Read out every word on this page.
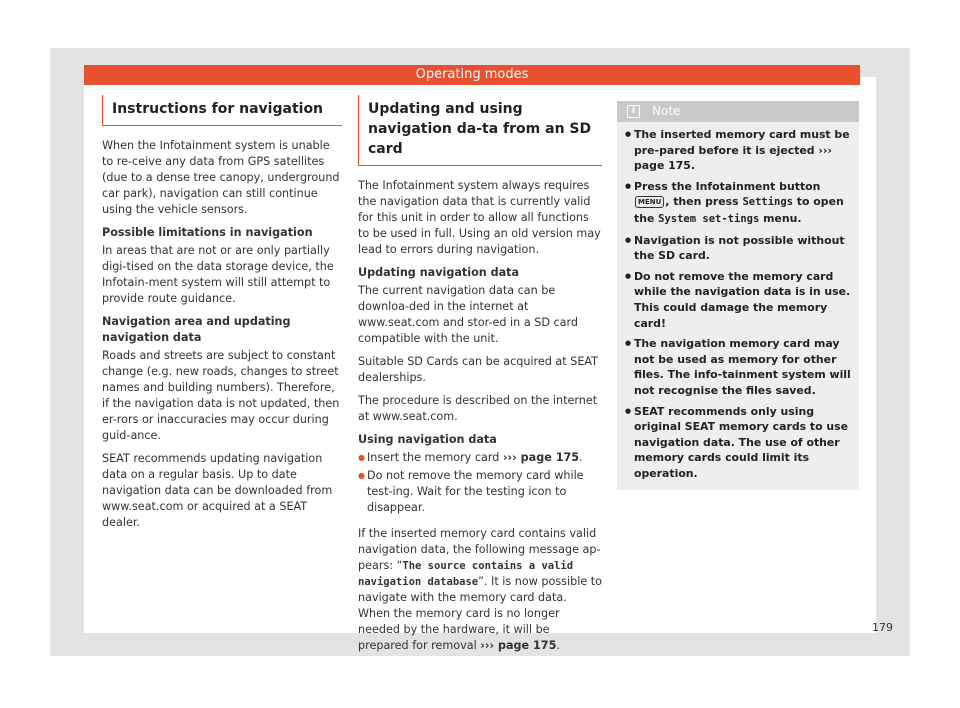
Operating modes
Instructions for navigation

When the Infotainment system is unable to re-ceive any data from GPS satellites (due to a dense tree canopy, underground car park), navigation can still continue using the vehicle sensors.

Possible limitations in navigation

In areas that are not or are only partially digi-tised on the data storage device, the Infotain-ment system will still attempt to provide route guidance.

Navigation area and updating navigation data

Roads and streets are subject to constant change (e.g. new roads, changes to street names and building numbers). Therefore, if the navigation data is not updated, then er-rors or inaccuracies may occur during guid-ance.

SEAT recommends updating navigation data on a regular basis. Up to date navigation data can be downloaded from www.seat.com or acquired at a SEAT dealer.

Updating and using navigation da-ta from an SD card

The Infotainment system always requires the navigation data that is currently valid for this unit in order to allow all functions to be used in full. Using an old version may lead to errors during navigation.

Updating navigation data

The current navigation data can be downloa-ded in the internet at www.seat.com and stor-ed in a SD card compatible with the unit.

Suitable SD Cards can be acquired at SEAT dealerships.

The procedure is described on the internet at www.seat.com.

Using navigation data

● Insert the memory card ››› page 175.

● Do not remove the memory card while test-ing. Wait for the testing icon to disappear.

If the inserted memory card contains valid navigation data, the following message ap-pears: “The source contains a valid navigation database”. It is now possible to navigate with the memory card data. When the memory card is no longer needed by the hardware, it will be prepared for removal ››› page 175.

i	Note
● The inserted memory card must be pre-pared before it is ejected ››› page 175.
● Press the Infotainment button MENU , then press Settings to open the System set-tings menu.
● Navigation is not possible without the SD card.
● Do not remove the memory card while the navigation data is in use. This could damage the memory card!
● The navigation memory card may not be used as memory for other files. The info-tainment system will not recognise the files saved.
● SEAT recommends only using original SEAT memory cards to use navigation data. The use of other memory cards could limit its operation.
179
